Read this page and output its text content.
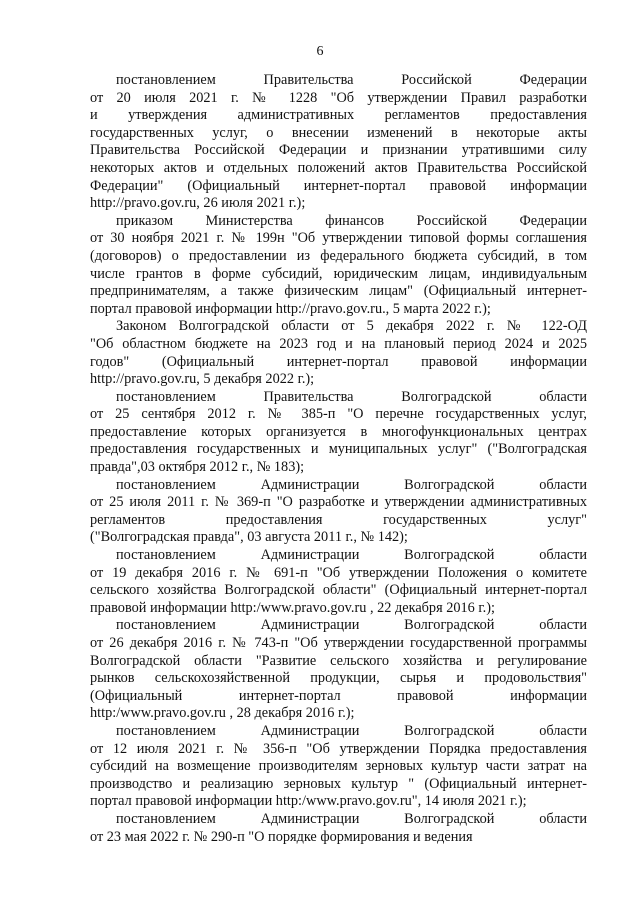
6
постановлением Правительства Российской Федерации
от 20 июля 2021 г. № 1228 "Об утверждении Правил разработки
и утверждения административных регламентов предоставления
государственных услуг, о внесении изменений в некоторые акты
Правительства Российской Федерации и признании утратившими силу
некоторых актов и отдельных положений актов Правительства Российской
Федерации" (Официальный интернет-портал правовой информации
http://pravo.gov.ru, 26 июля 2021 г.);
приказом Министерства финансов Российской Федерации
от 30 ноября 2021 г. № 199н "Об утверждении типовой формы соглашения
(договоров) о предоставлении из федерального бюджета субсидий, в том
числе грантов в форме субсидий, юридическим лицам, индивидуальным
предпринимателям, а также физическим лицам" (Официальный интернет-
портал правовой информации http://pravo.gov.ru., 5 марта 2022 г.);
Законом Волгоградской области от 5 декабря 2022 г. № 122-ОД
"Об областном бюджете на 2023 год и на плановый период 2024 и 2025
годов" (Официальный интернет-портал правовой информации
http://pravo.gov.ru, 5 декабря 2022 г.);
постановлением Правительства Волгоградской области
от 25 сентября 2012 г. № 385-п "О перечне государственных услуг,
предоставление которых организуется в многофункциональных центрах
предоставления государственных и муниципальных услуг" ("Волгоградская
правда",03 октября 2012 г., № 183);
постановлением Администрации Волгоградской области
от 25 июля 2011 г. № 369-п "О разработке и утверждении административных
регламентов предоставления государственных услуг"
("Волгоградская правда", 03 августа 2011 г., № 142);
постановлением Администрации Волгоградской области
от 19 декабря 2016 г. № 691-п "Об утверждении Положения о комитете
сельского хозяйства Волгоградской области" (Официальный интернет-портал
правовой информации http:/www.pravo.gov.ru , 22 декабря 2016 г.);
постановлением Администрации Волгоградской области
от 26 декабря 2016 г. № 743-п "Об утверждении государственной программы
Волгоградской области "Развитие сельского хозяйства и регулирование
рынков сельскохозяйственной продукции, сырья и продовольствия"
(Официальный интернет-портал правовой информации
http:/www.pravo.gov.ru , 28 декабря 2016 г.);
постановлением Администрации Волгоградской области
от 12 июля 2021 г. № 356-п "Об утверждении Порядка предоставления
субсидий на возмещение производителям зерновых культур части затрат на
производство и реализацию зерновых культур " (Официальный интернет-
портал правовой информации http:/www.pravo.gov.ru", 14 июля 2021 г.);
постановлением Администрации Волгоградской области
от 23 мая 2022 г. № 290-п "О порядке формирования и ведения
